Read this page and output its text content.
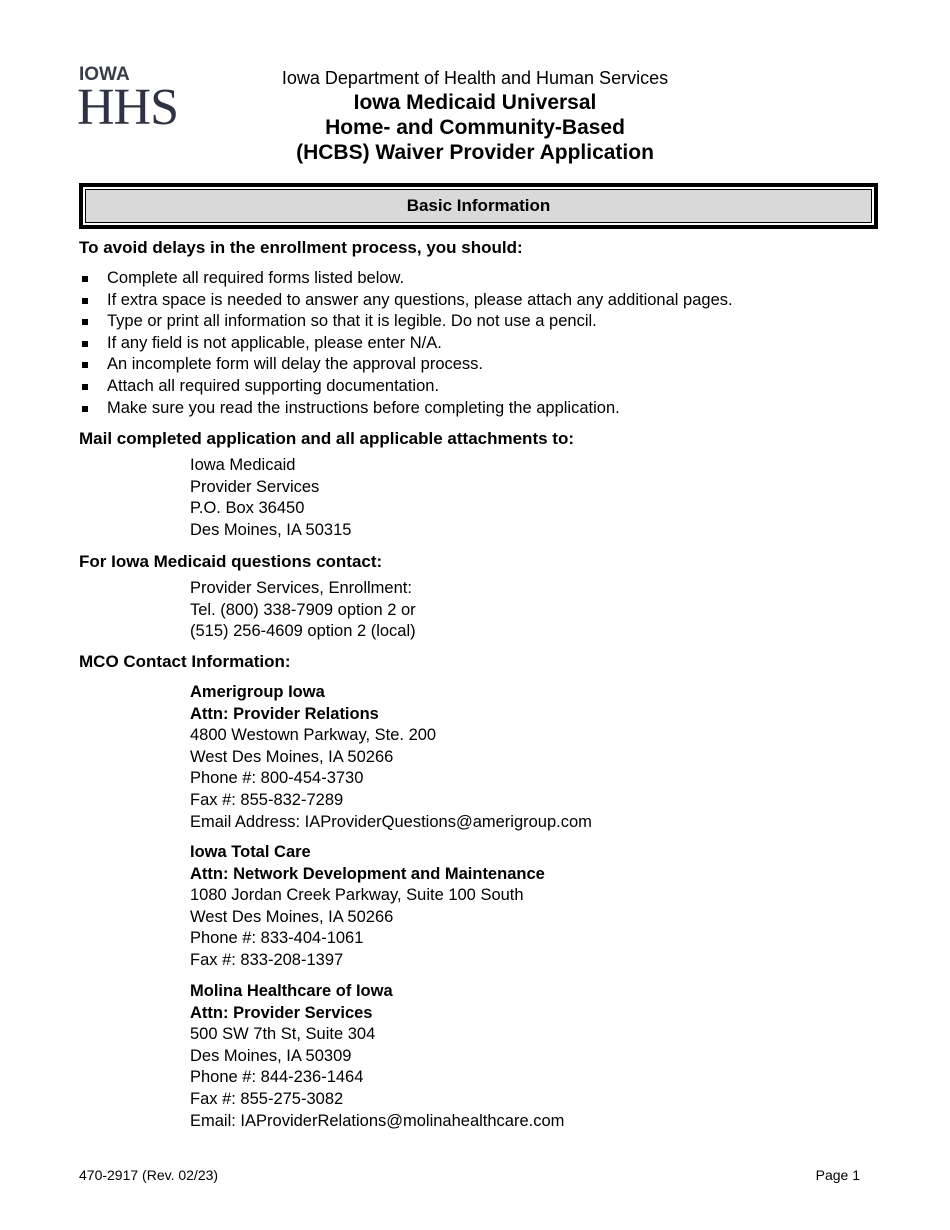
IOWA
HHS
Iowa Department of Health and Human Services
Iowa Medicaid Universal
Home- and Community-Based
(HCBS) Waiver Provider Application
Basic Information
To avoid delays in the enrollment process, you should:
Complete all required forms listed below.
If extra space is needed to answer any questions, please attach any additional pages.
Type or print all information so that it is legible. Do not use a pencil.
If any field is not applicable, please enter N/A.
An incomplete form will delay the approval process.
Attach all required supporting documentation.
Make sure you read the instructions before completing the application.
Mail completed application and all applicable attachments to:
Iowa Medicaid
Provider Services
P.O. Box 36450
Des Moines, IA 50315
For Iowa Medicaid questions contact:
Provider Services, Enrollment:
Tel. (800) 338-7909 option 2 or
(515) 256-4609 option 2 (local)
MCO Contact Information:
Amerigroup Iowa
Attn: Provider Relations
4800 Westown Parkway, Ste. 200
West Des Moines, IA 50266
Phone #: 800-454-3730
Fax #: 855-832-7289
Email Address: IAProviderQuestions@amerigroup.com
Iowa Total Care
Attn: Network Development and Maintenance
1080 Jordan Creek Parkway, Suite 100 South
West Des Moines, IA 50266
Phone #: 833-404-1061
Fax #: 833-208-1397
Molina Healthcare of Iowa
Attn: Provider Services
500 SW 7th St, Suite 304
Des Moines, IA 50309
Phone #: 844-236-1464
Fax #: 855-275-3082
Email: IAProviderRelations@molinahealthcare.com
470-2917 (Rev. 02/23)	Page 1
